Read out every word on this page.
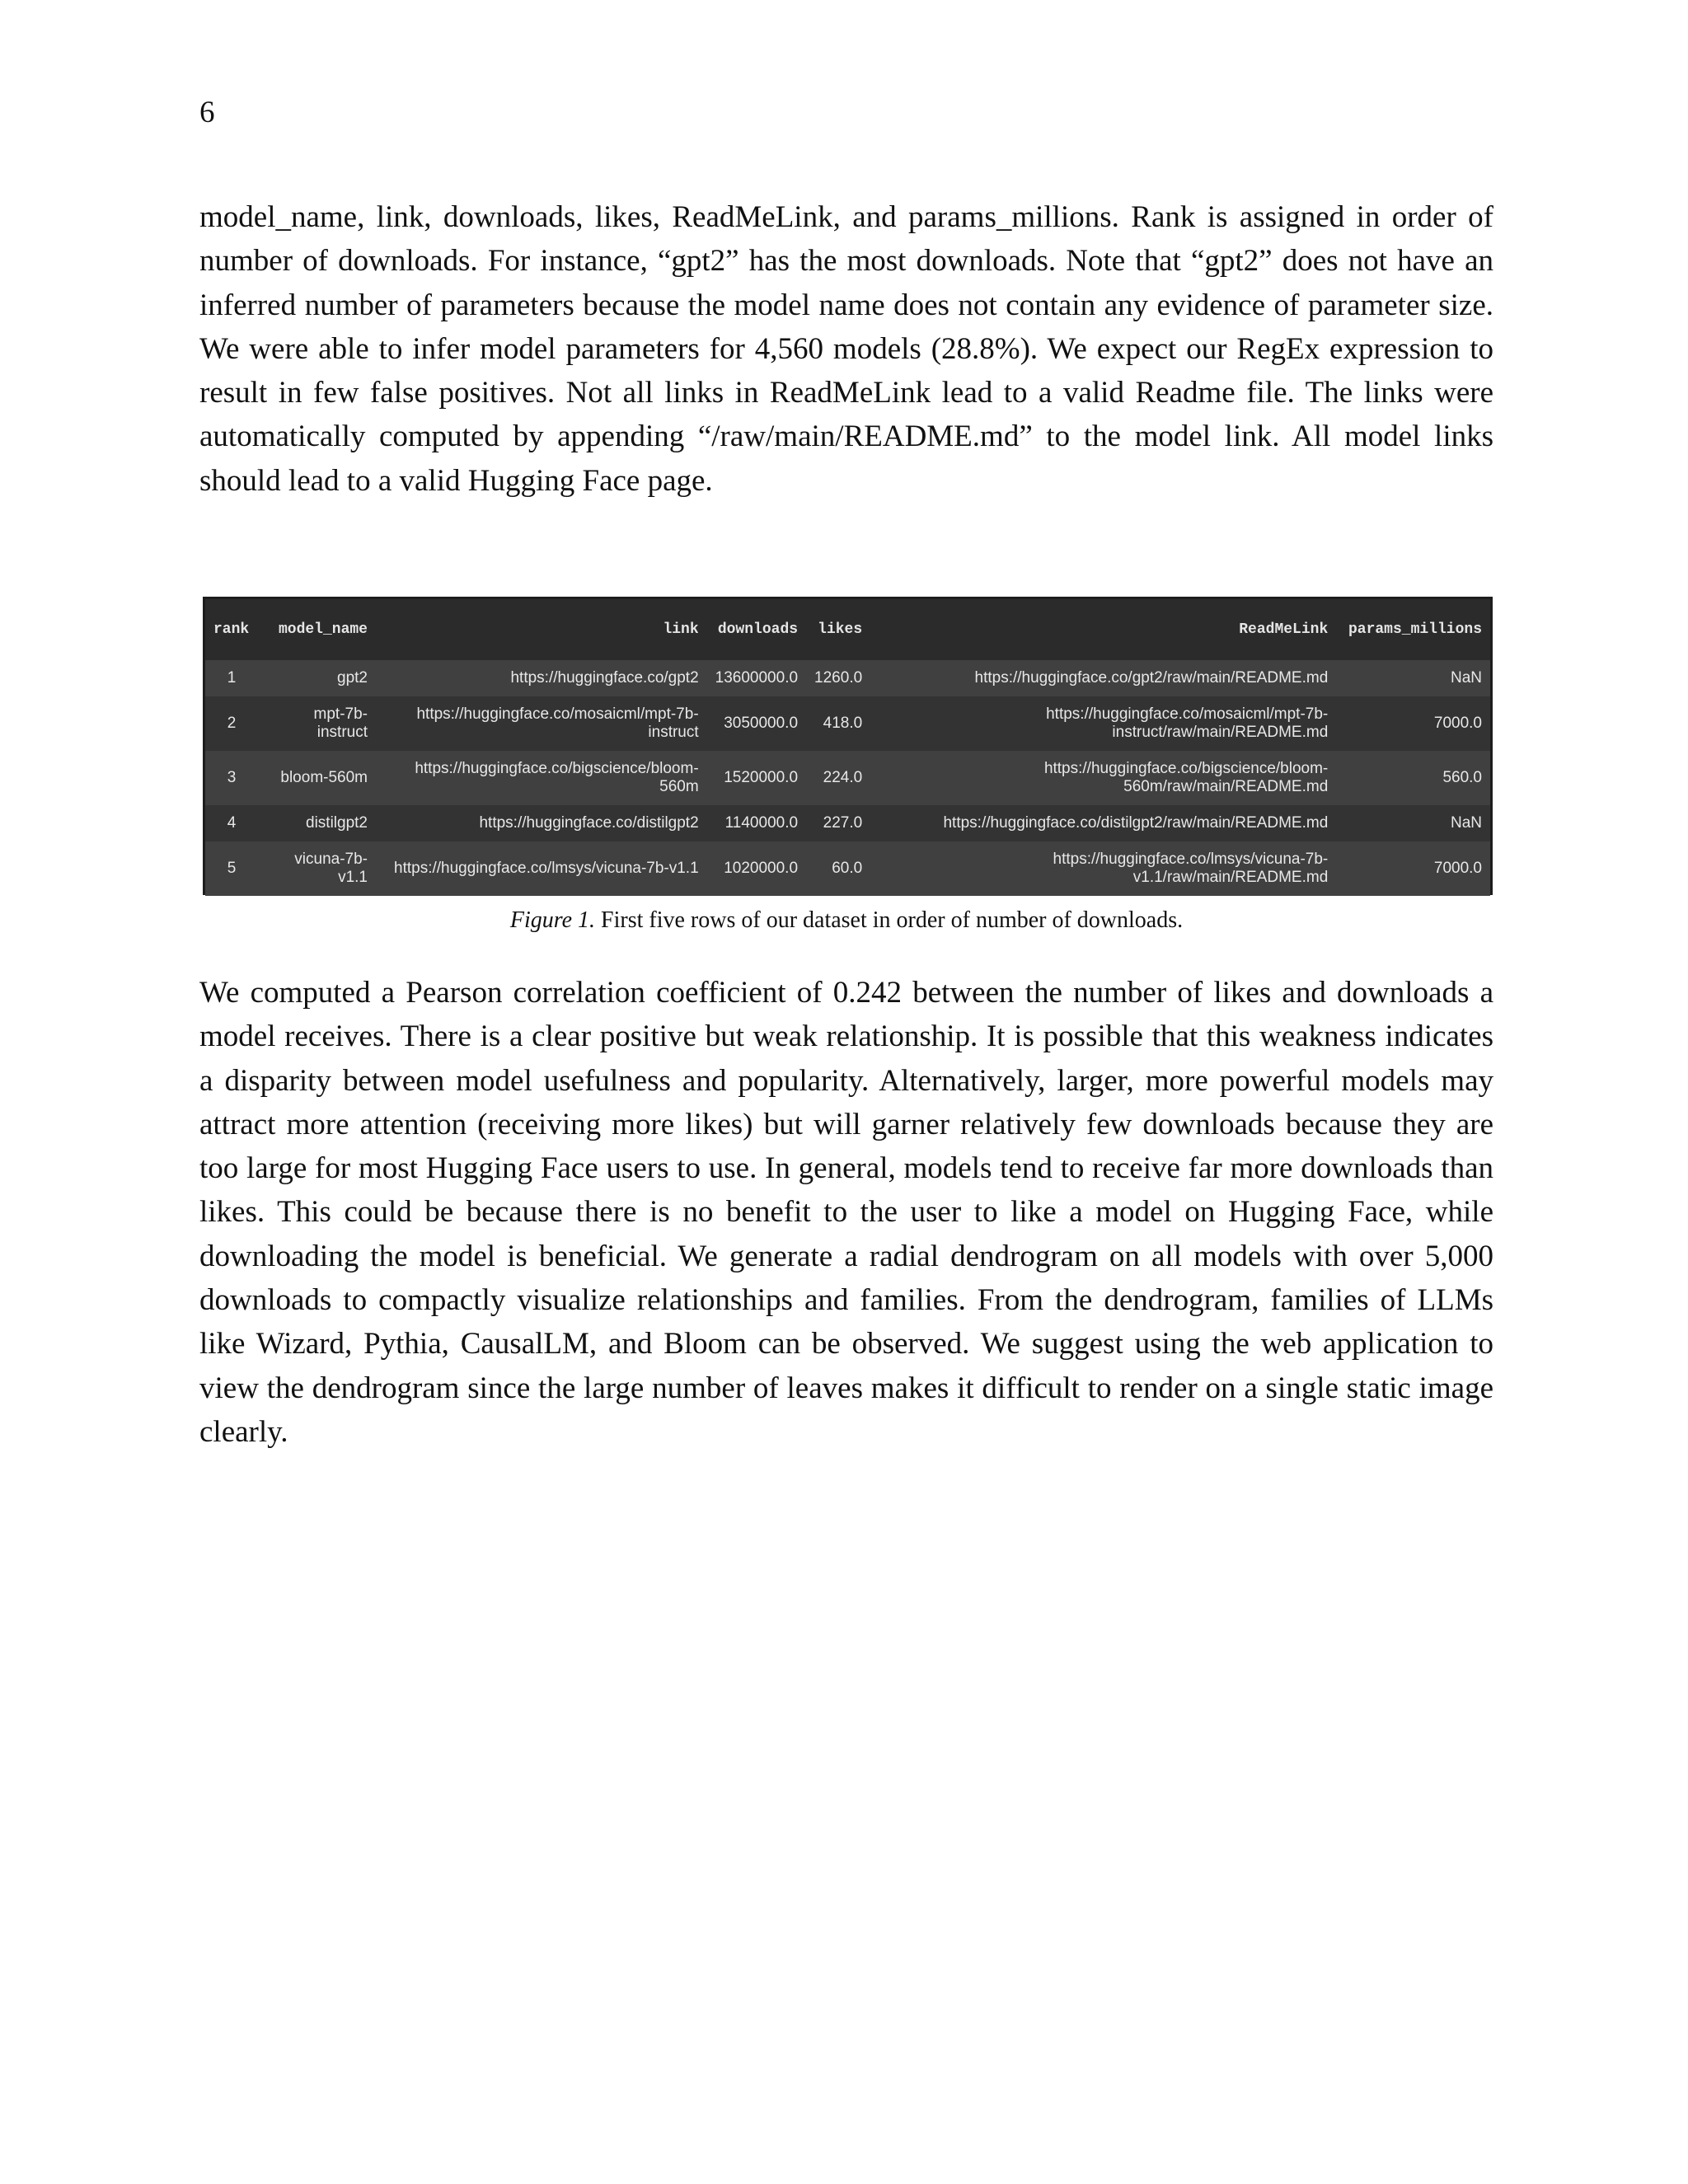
6

model_name, link, downloads, likes, ReadMeLink, and params_millions. Rank is assigned in order of number of downloads. For instance, “gpt2” has the most downloads. Note that “gpt2” does not have an inferred number of parameters because the model name does not contain any evidence of parameter size. We were able to infer model parameters for 4,560 models (28.8%). We expect our RegEx expression to result in few false positives. Not all links in ReadMeLink lead to a valid Readme file. The links were automatically computed by appending “/raw/main/README.md” to the model link. All model links should lead to a valid Hugging Face page.

rank	model_name	link	downloads	likes	ReadMeLink	params_millions
1	gpt2	https://huggingface.co/gpt2	13600000.0	1260.0	https://huggingface.co/gpt2/raw/main/README.md	NaN
2	mpt-7b-instruct	https://huggingface.co/mosaicml/mpt-7b-instruct	3050000.0	418.0	https://huggingface.co/mosaicml/mpt-7b-instruct/raw/main/README.md	7000.0
3	bloom-560m	https://huggingface.co/bigscience/bloom-560m	1520000.0	224.0	https://huggingface.co/bigscience/bloom-560m/raw/main/README.md	560.0
4	distilgpt2	https://huggingface.co/distilgpt2	1140000.0	227.0	https://huggingface.co/distilgpt2/raw/main/README.md	NaN
5	vicuna-7b-v1.1	https://huggingface.co/lmsys/vicuna-7b-v1.1	1020000.0	60.0	https://huggingface.co/lmsys/vicuna-7b-v1.1/raw/main/README.md	7000.0
Figure 1. First five rows of our dataset in order of number of downloads.

We computed a Pearson correlation coefficient of 0.242 between the number of likes and downloads a model receives. There is a clear positive but weak relationship. It is possible that this weakness indicates a disparity between model usefulness and popularity. Alternatively, larger, more powerful models may attract more attention (receiving more likes) but will garner relatively few downloads because they are too large for most Hugging Face users to use. In general, models tend to receive far more downloads than likes. This could be because there is no benefit to the user to like a model on Hugging Face, while downloading the model is beneficial. We generate a radial dendrogram on all models with over 5,000 downloads to compactly visualize relationships and families. From the dendrogram, families of LLMs like Wizard, Pythia, CausalLM, and Bloom can be observed. We suggest using the web application to view the dendrogram since the large number of leaves makes it difficult to render on a single static image clearly.
